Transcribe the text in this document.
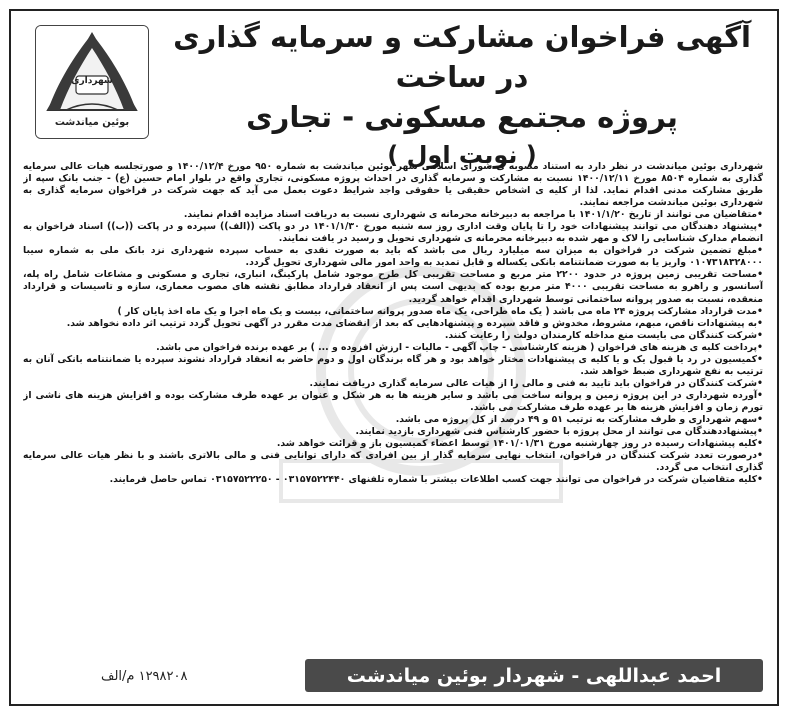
شهرداری
بوئین میاندشت
آگهی فراخوان مشارکت و سرمایه گذاری در ساخت
پروژه مجتمع مسکونی - تجاری
( نوبت اول )

شهرداری بوئین میاندشت در نظر دارد به استناد مصوبه ی شورای اسلامی شهر بوئین میاندشت به شماره ۹۵۰ مورخ ۱۴۰۰/۱۲/۴ و صورتجلسه هیات عالی سرمایه گذاری به شماره ۸۵۰۴ مورخ ۱۴۰۰/۱۲/۱۱ نسبت به مشارکت و سرمایه گذاری در احداث پروژه مسکونی، تجاری واقع در بلوار امام حسین (ع) - جنب بانک سپه از طریق مشارکت مدنی اقدام نماید. لذا از کلیه ی اشخاص حقیقی یا حقوقی واجد شرایط دعوت بعمل می آید که جهت شرکت در فراخوان سرمایه گذاری به شهرداری بوئین میاندشت مراجعه نمایند.

• متقاضیان می توانند از تاریخ ۱۴۰۱/۱/۲۰ با مراجعه به دبیرخانه محرمانه ی شهرداری نسبت به دریافت اسناد مزایده اقدام نمایند.

• پیشنهاد دهندگان می توانند پیشنهادات خود را تا پایان وقت اداری روز سه شنبه مورخ ۱۴۰۱/۱/۳۰ در دو پاکت ((الف)) سپرده و در پاکت ((ب)) اسناد فراخوان به انضمام مدارک شناسایی را لاک و مهر شده به دبیرخانه محرمانه ی شهرداری تحویل و رسید در یافت نمایند.

• مبلغ تضمین شرکت در فراخوان به میزان سه میلیارد ریال می باشد که باید به صورت نقدی به حساب سپرده شهرداری نزد بانک ملی به شماره سیبا ۰۱۰۷۳۱۸۳۲۸۰۰۰ واریز یا به صورت ضمانتنامه بانکی یکساله و قابل تمدید به واحد امور مالی شهرداری تحویل گردد.

• مساحت تقریبی زمین پروژه در حدود ۲۲۰۰ متر مربع و مساحت تقریبی کل طرح موجود شامل پارکینگ، انباری، تجاری و مسکونی و مشاعات شامل راه پله، آسانسور و راهرو به مساحت تقریبی ۴۰۰۰ متر مربع بوده که بدیهی است پس از انعقاد قرارداد مطابق نقشه های مصوب معماری، سازه و تاسیسات و قرارداد منعقده، نسبت به صدور پروانه ساختمانی توسط شهرداری اقدام خواهد گردید.

• مدت قرارداد مشارکت پروژه ۲۴ ماه می باشد ( یک ماه طراحی، یک ماه صدور پروانه ساختمانی، بیست و یک ماه اجرا و یک ماه اخذ پایان کار )

• به پیشنهادات ناقص، مبهم، مشروط، مخدوش و فاقد سپرده و پیشنهادهایی که بعد از انقضای مدت مقرر در آگهی تحویل گردد ترتیب اثر داده نخواهد شد.

• شرکت کنندگان می بایست منع مداخله کارمندان دولت را رعایت کنند.

• پرداخت کلیه ی هزینه های فراخوان ( هزینه کارشناسی - چاپ آگهی - مالیات - ارزش افزوده و ... ) بر عهده برنده فراخوان می باشد.

• کمیسیون در رد یا قبول یک و یا کلیه ی پیشنهادات مختار خواهد بود و هر گاه برندگان اول و دوم حاضر به انعقاد قرارداد نشوند سپرده یا ضمانتنامه بانکی آنان به ترتیب به نفع شهرداری ضبط خواهد شد.

• شرکت کنندگان در فراخوان باید تایید به فنی و مالی را از هیات عالی سرمایه گذاری دریافت نمایند.

• آورده شهرداری در این پروژه زمین و پروانه ساخت می باشد و سایر هزینه ها به هر شکل و عنوان بر عهده طرف مشارکت بوده و افزایش هزینه های ناشی از تورم زمان و افزایش هزینه ها بر عهده طرف مشارکت می باشد.

• سهم شهرداری و طرف مشارکت به ترتیب ۵۱ و ۴۹ درصد از کل پروژه می باشد.

• پیشنهاددهندگان می توانند از محل پروژه با حضور کارشناس فنی شهرداری بازدید نمایند.

• کلیه پیشنهادات رسیده در روز چهارشنبه مورخ ۱۴۰۱/۰۱/۳۱ توسط اعضاء کمیسیون باز و قرائت خواهد شد.

• درصورت تعدد شرکت کنندگان در فراخوان، انتخاب نهایی سرمایه گذار از بین افرادی که دارای توانایی فنی و مالی بالاتری باشند و با نظر هیات عالی سرمایه گذاری انتخاب می گردد.

• کلیه متقاضیان شرکت در فراخوان می توانند جهت کسب اطلاعات بیشتر با شماره تلفنهای ۰۳۱۵۷۵۲۲۴۴۰ - ۰۳۱۵۷۵۲۲۲۵۰ تماس حاصل فرمایند.

احمد عبداللهی - شهردار بوئین میاندشت
۱۲۹۸۲۰۸ م/الف
